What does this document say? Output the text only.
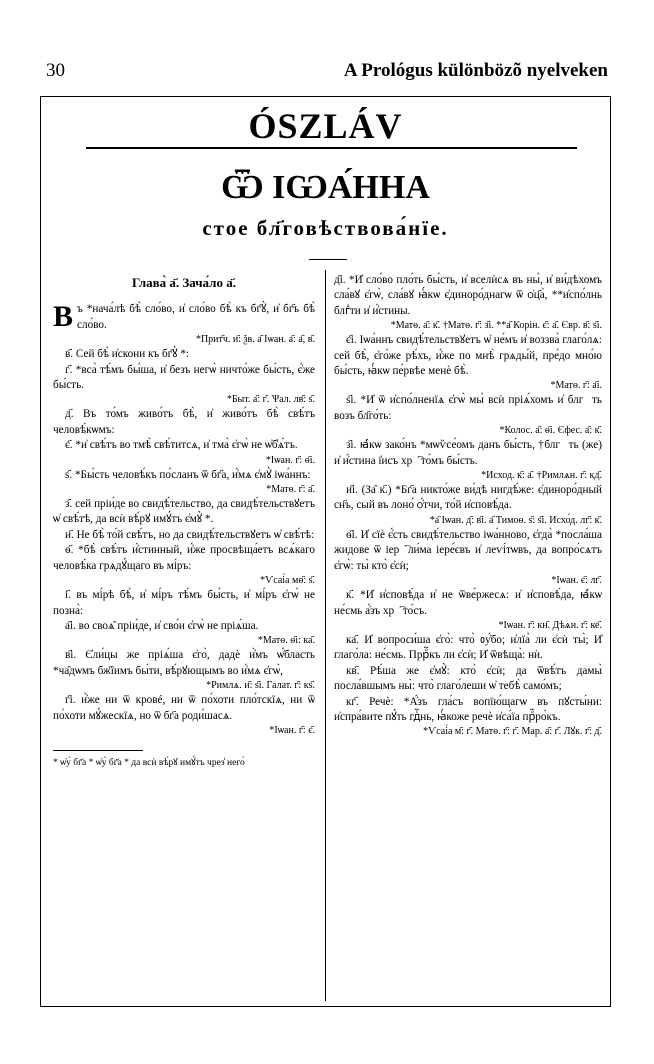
30	A Prológus különbözõ nyelveken
ÓSZLÁV
Ѿ ІѠА́ННА
стое бл҃говѣствова́нїе.
Глава̀ а҃. Зача́ло а҃.

Въ *нача́лѣ бѣ̀ сло́во, и҆ сло́во бѣ̀ къ бг҃ꙋ̀, и҆ бг҃ъ бѣ̀ сло́во.

*Прит҃ч. и҃: ѯв. а҃ Іѡан. а҃: а҃, в҃.

в҃. Сей бѣ̀ и҆скони къ бг҃ꙋ̀ *:

г҃. *вса̀ тѣ́мъ бы́ша, и҆ безъ негѡ̀ ничто́же бы́сть, є҆́же бы́сть.

*Быт. а҃: г҃. Ѱал. лв҃: ѕ҃.

д҃. Въ то́мъ живо́тъ бѣ̀, и҆ живо́тъ бѣ̀ свѣ́тъ человѣ́кѡмъ:

є҃. *и҆ свѣ́тъ во тмѣ̀ свѣ́титсѧ, и҆ тма̀ є҆гѡ̀ не ѡ҆б̾ѧ́тъ.

*Іѡан. г҃: ѳ҃і.

ѕ҃. *Бы́сть человѣ́къ по́сланъ ѿ бг҃а, и҆́мѧ є҆мꙋ̀ іѡа́ннъ:

*Матѳ. г҃: а҃.

з҃. сей пріи́де во свидѣ́тельство, да свидѣ́тельствꙋетъ ѡ҆ свѣ́тѣ, да всѝ вѣ́рꙋ имꙋ́тъ є҆мꙋ̀ *.

и҃. Не бѣ̀ то́й свѣ́тъ, но да свидѣ́тельствꙋетъ ѡ҆ свѣ́тѣ:

ѳ҃. *бѣ̀ свѣ́тъ и҆́стинный, и҆́же просвѣща́етъ всѧ́каго человѣ́ка грѧдꙋ́щаго въ мі́ръ:

*Ѵсаі́а мѳ҃: ѕ҃.

і҃. въ мі́рѣ бѣ̀, и҆ мі́ръ тѣ́мъ бы́сть, и҆ мі́ръ є҆гѡ̀ не позна̀:

а҃і. во своѧ̑ пріи́де, и҆ сво́и є҆гѡ̀ не пріѧ́ша.

*Матѳ. ѳ҃і: ка҃.

в҃і. Є҆ли́цы же пріѧ́ша є҆го̀, дадѐ и҆̀мъ ѡ҆́бласть *ча̑дѡмъ бж҃їимъ бы́ти, вѣ́рꙋющымъ во и҆́мѧ є҆гѡ̀,

*Римлѧ. и҃: ѕ҃і. Галат. г҃: кѕ҃.

г҃і. и҆̀же ни ѿ кровé, ни ѿ по́хоти пло́тскїѧ, ни ѿ по́хоти мꙋ́жескїѧ, но ѿ бг҃а роди́шасѧ.

*Іѡан. г҃: є҃.
* ѡ҆у̀ бг҃а * ѡ҆у̀ бг҃а * да всѝ вѣ́рꙋ имꙋ́тъ чрез̾ него̀

д҃і. *И҆ сло́во пло́ть бы́сть, и҆ вселѝсѧ въ ны̀, и҆ ви́дѣхомъ сла́вꙋ є҆гѡ̀, сла́вꙋ ꙗ҆́кѡ є҆диноро́днагѡ ѿ ѻ҆ц҃а̀, **и҆спо́лнь блгⷣти и҆ и҆́стины.

*Матѳ. а҃: к҃. †Матѳ. г҃: з҃і. **а҃ Корін. є҃: а҃. Євр. в҃: ѕ҃і.

є҃і. Іѡа́ннъ свидѣ́тельствꙋетъ ѡ҆ не́мъ и҆ воззва̀ глаго́лѧ: сей бѣ̀, є҆го́же рѣ́хъ, и҆́же по мнѣ̀ грѧды́й, пре́до мно́ю бы́сть, ꙗ҆́кѡ пе́рвѣе менѐ бѣ̀.

*Матѳ. г҃: а҃і.

ѕ҃і. *И҆ ѿ и҆спо́лненїѧ є҆гѡ̀ мы̀ всѝ пріѧ́хомъ и҆ блгⷣть возъ бл҃го́ть:

*Колос. а҃: ѳ҃і. Єфес. а҃: к҃.

з҃і. ꙗ҆́кѡ зако́нъ *мѡѷсе́омъ данъ бы́сть, †блгⷣть (же) и҆ и҆́стина і҆исъ хрⷭ҇то́мъ бы́сть.

*Исход. к҃: а҃. †Римлѧн. г҃: кд҃.

и҃і. (За̑ к҃.) *Бг҃а никто́же ви́дѣ нигдѣ́же: є҆диноро́дный сн҃ъ, сый въ лоно́ ѻ҆́тчи, то́й и҆сповѣ́да.

*а҃ Іѡан. д҃: в҃і. а҃ Тимоѳ. ѕ҃: ѕ҃і. Исхо́д. лг҃: к҃.

ѳ҃і. И҆ сїѐ є҆́сть свидѣ́тельство іѡа́нново, є҆гда̀ *посла́ша жидове ѿ іерⷭ҇ли́ма іере́євъ и҆ леѵі́тѡвъ, да вопро́сѧтъ є҆гѡ̀: ты̀ кто̀ є҆сѝ;

*Іѡан. є҃: лг҃.

к҃. *И҆ и҆сповѣ́да и҆ не ѿве́ржесѧ: и҆ и҆сповѣ́да, ꙗ҆́кѡ не́смь а҆́зъ хрⷭ҇то́съ.

*Іѡан. г҃: кн҃. Дѣѧн. г҃: ке҃.

ка҃. И҆ вопроси́ша є҆го̀: что̀ ᲂу҆́бо; и҆лїа̀ ли є҆сѝ ты̀; И҆ глаго́ла: не́смь. Пррⷪ҇къ ли є҆сѝ; И҆ ѿвѣща̀: нѝ.

кв҃. Рѣ́ша же є҆мꙋ̀: кто̀ є҆сѝ; да ѿвѣ́тъ дамы̀ посла́вшымъ ны̀: что̀ глаго́леши ѡ҆ тебѣ̀ само́мъ;

кг҃. Речѐ: *А҆́зъ гла́съ вопїю́щагѡ въ пꙋсты́ни: и҆спра́вите пꙋ́ть гдⷭ҇нь, ꙗ҆́коже речѐ и҆са́їа прⷪ҇ро́къ.

*Ѵсаі́а м҃: г҃. Матѳ. г҃: г҃. Мар. а҃: г҃. Лꙋк. г҃: д҃.
